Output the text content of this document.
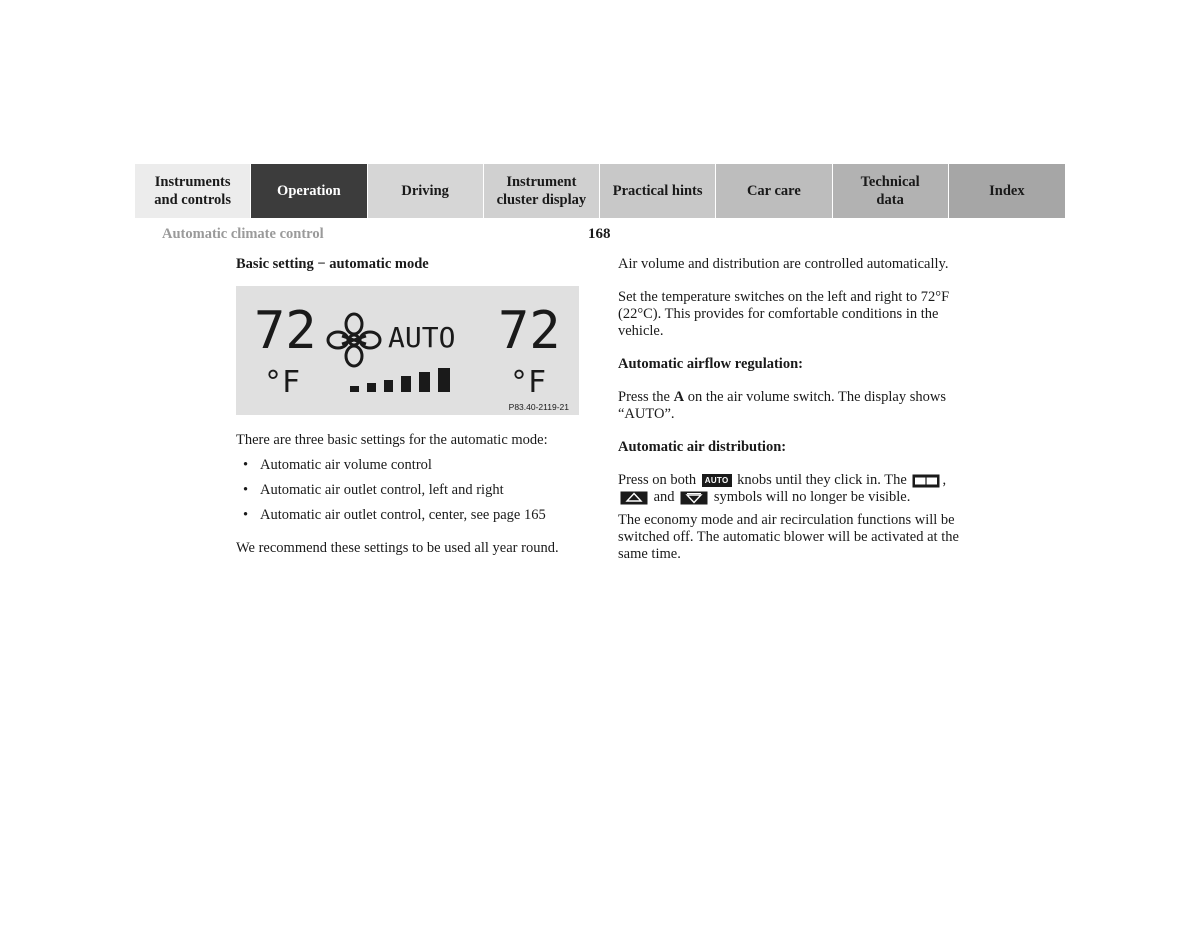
Instruments
and controls
Operation	Driving
Instrument
cluster display
Practical hints	Car care
Technical
data
Index
Automatic climate control	168

Basic setting − automatic mode

72	72
AUTO
°F	°F
P83.40-2119-21

There are three basic settings for the automatic mode:

• Automatic air volume control
• Automatic air outlet control, left and right
• Automatic air outlet control, center, see page 165

We recommend these settings to be used all year round.

Air volume and distribution are controlled automatically.

Set the temperature switches on the left and right to 72°F (22°C). This provides for comfortable conditions in the vehicle.

Automatic airflow regulation:

Press the A on the air volume switch. The display shows “AUTO”.

Automatic air distribution:

Press on both AUTO knobs until they click in. The
,
and
symbols will no longer be visible.

The economy mode and air recirculation functions will be switched off. The automatic blower will be activated at the same time.
